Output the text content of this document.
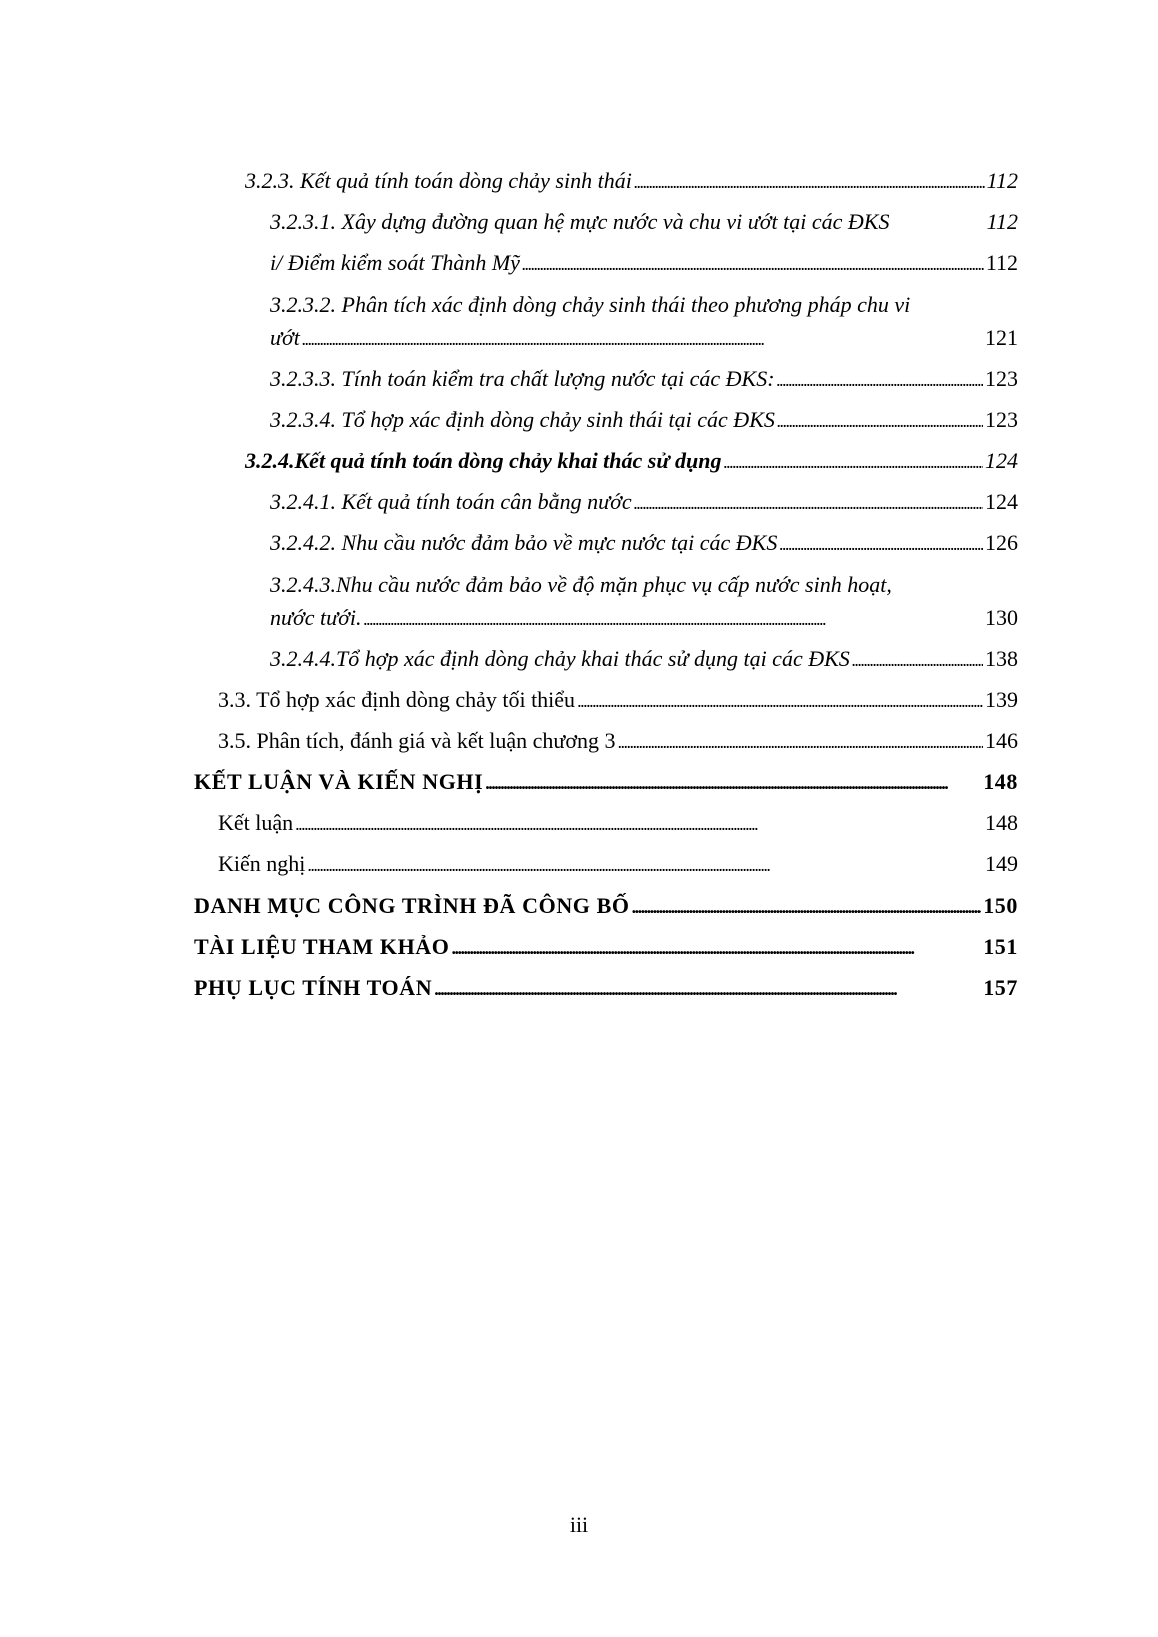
3.2.3. Kết quả tính toán dòng chảy sinh thái . . .	112
3.2.3.1. Xây dựng đường quan hệ mực nước và chu vi ướt tại các ĐKS	112
i/ Điểm kiểm soát Thành Mỹ . . .	112
3.2.3.2. Phân tích xác định dòng chảy sinh thái theo phương pháp chu vi
ướt . . .	121
3.2.3.3. Tính toán kiểm tra chất lượng nước tại các ĐKS: . . .	123
3.2.3.4. Tổ hợp xác định dòng chảy sinh thái tại các ĐKS . . .	123
3.2.4.Kết quả tính toán dòng chảy khai thác sử dụng . . .	124
3.2.4.1. Kết quả tính toán cân bằng nước . . .	124
3.2.4.2. Nhu cầu nước đảm bảo về mực nước tại các ĐKS . . .	126
3.2.4.3.Nhu cầu nước đảm bảo về độ mặn phục vụ cấp nước sinh hoạt,
nước tưới. . . .	130
3.2.4.4.Tổ hợp xác định dòng chảy khai thác sử dụng tại các ĐKS . . .	138
3.3. Tổ hợp xác định dòng chảy tối thiểu . . .	139
3.5. Phân tích, đánh giá và kết luận chương 3 . . .	146
KẾT LUẬN VÀ KIẾN NGHỊ . . .	148
Kết luận . . .	148
Kiến nghị . . .	149
DANH MỤC CÔNG TRÌNH ĐÃ CÔNG BỐ . . .	150
TÀI LIỆU THAM KHẢO . . .	151
PHỤ LỤC TÍNH TOÁN . . .	157
iii
